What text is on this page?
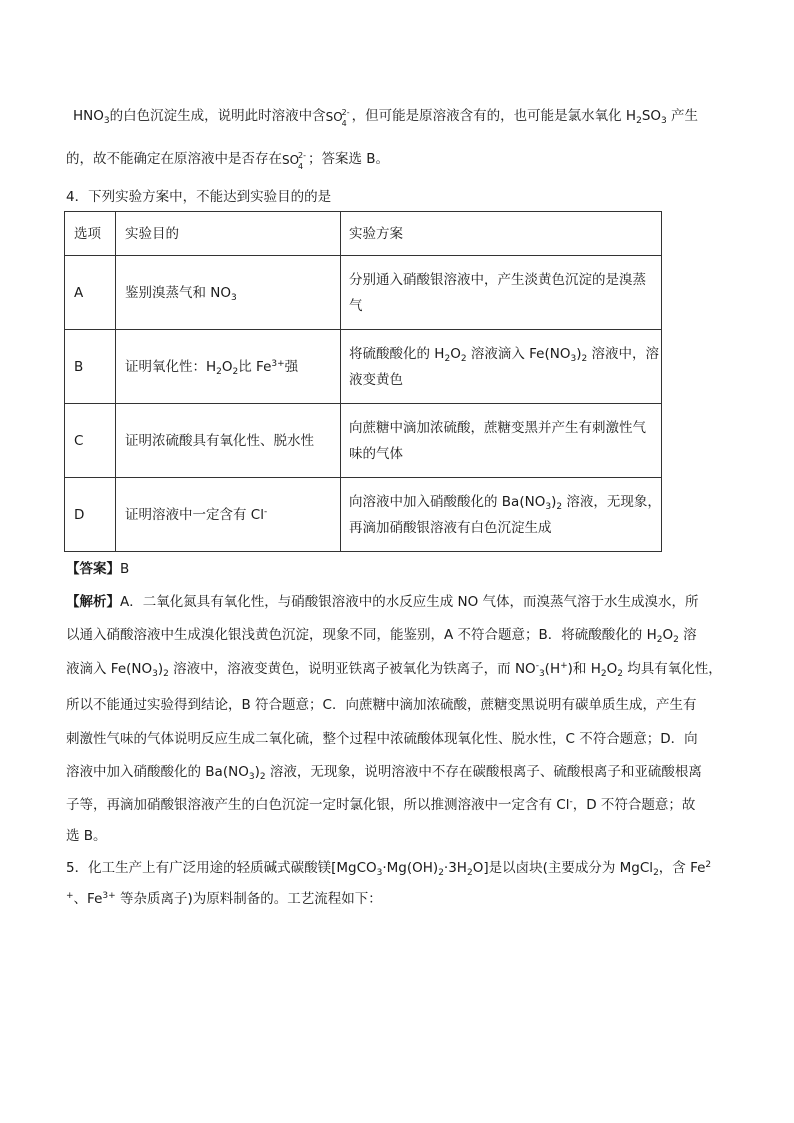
$HNO_3$的白色沉淀生成，说明此时溶液中含 SO
2-
4 ，但可能是原溶液含有的，也可能是氯水氧化 $H_2SO_3$ 产生
的，故不能确定在原溶液中是否存在 SO
2-
4 ；答案选 B。
4．下列实验方案中，不能达到实验目的的是
选项	实验目的	实验方案
A	鉴别溴蒸气和 $NO_3$	分别通入硝酸银溶液中，产生淡黄色沉淀的是溴蒸
气

B	证明氧化性：$H_2O_2$比 $Fe^{3+}$强	将硫酸酸化的 $H_2O_2$ 溶液滴入 $Fe(NO_3)_2$ 溶液中，溶
液变黄色

C	证明浓硫酸具有氧化性、脱水性	向蔗糖中滴加浓硫酸，蔗糖变黑并产生有刺激性气
味的气体

D	证明溶液中一定含有 Cl-	向溶液中加入硝酸酸化的 $Ba(NO_3)_2$ 溶液，无现象，
再滴加硝酸银溶液有白色沉淀生成
【答案】B
【解析】A．二氧化氮具有氧化性，与硝酸银溶液中的水反应生成 NO 气体，而溴蒸气溶于水生成溴水，所
以通入硝酸溶液中生成溴化银浅黄色沉淀，现象不同，能鉴别，A 不符合题意；B．将硫酸酸化的 $H_2O_2$ 溶
液滴入 $Fe(NO_3)_2$ 溶液中，溶液变黄色，说明亚铁离子被氧化为铁离子，而 $NO^-_3(H^+)$和 $H_2O_2$ 均具有氧化性，
所以不能通过实验得到结论，B 符合题意；C．向蔗糖中滴加浓硫酸，蔗糖变黑说明有碳单质生成，产生有
刺激性气味的气体说明反应生成二氧化硫，整个过程中浓硫酸体现氧化性、脱水性，C 不符合题意；D．向
溶液中加入硝酸酸化的 $Ba(NO_3)_2$ 溶液，无现象，说明溶液中不存在碳酸根离子、硫酸根离子和亚硫酸根离
子等，再滴加硝酸银溶液产生的白色沉淀一定时氯化银，所以推测溶液中一定含有 Cl-，D 不符合题意；故
选 B。
5．化工生产上有广泛用途的轻质碱式碳酸镁$[MgCO_3\cdot Mg(OH)_2\cdot 3H_2O]$是以卤块(主要成分为 MgCl$_2$，含 Fe$^2$
+、$Fe^{3+}$ 等杂质离子)为原料制备的。工艺流程如下：
